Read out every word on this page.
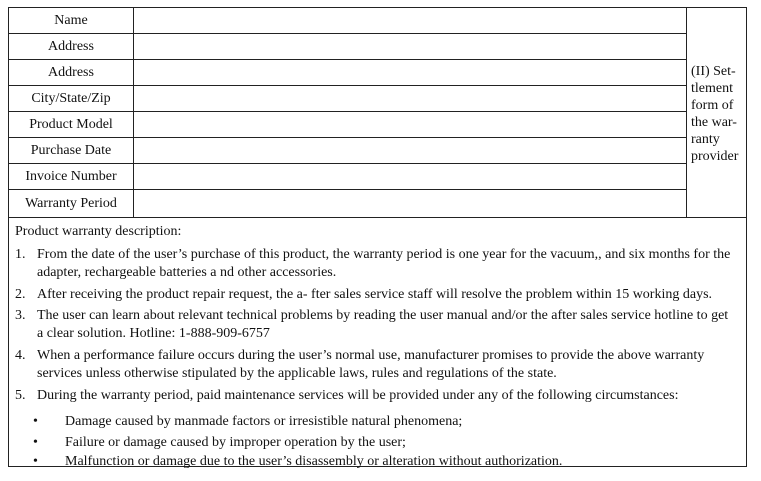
Name
Address
Address
City/State/Zip
Product Model
Purchase Date
Invoice Number
Warranty Period
(II) Set-
tlement
form of
the war-
ranty
provider
Product warranty description:
1. From the date of the user’s purchase of this product, the warranty period is one year for the vacuum,, and six months for the
adapter, rechargeable batteries a nd other accessories.
2. After receiving the product repair request, the a- fter sales service staff will resolve the problem within 15 working days.
3. The user can learn about relevant technical problems by reading the user manual and/or the after sales service hotline to get
a clear solution. Hotline: 1-888-909-6757
4. When a performance failure occurs during the user’s normal use, manufacturer promises to provide the above warranty
services unless otherwise stipulated by the applicable laws, rules and regulations of the state.
5. During the warranty period, paid maintenance services will be provided under any of the following circumstances:
•	Damage caused by manmade factors or irresistible natural phenomena;
•	Failure or damage caused by improper operation by the user;
•	Malfunction or damage due to the user’s disassembly or alteration without authorization.
